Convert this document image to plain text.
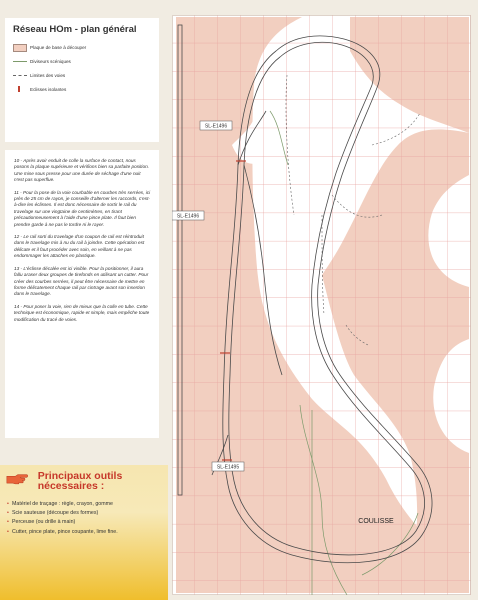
Réseau HOm - plan général
Plaque de base à découper
Diviseurs scéniques
Limites des voies
Eclisses isolantes

10 - Après avoir enduit de colle la surface de contact, nous posons la plaque supérieure et vérifions bien sa parfaite position. Une mise sous presse pour une durée de séchage d'une nuit n'est pas superflue.

11 - Pour la pose de la voie courbable en courbes très serrées, ici près de 25 cm de rayon, je conseille d'alterner les raccords, c'est-à-dire les éclisses. Il est donc nécessaire de sortir le rail du travelage sur une vingtaine de centimètres, en tirant précautionneusement à l'aide d'une pince plate. Il faut bien prendre garde à ne pas le tordre ni le rayer.

12 - Le rail sorti du travelage d'un coupon de rail est réintroduit dans le travelage mis à nu du rail à joindre. Cette opération est délicate et il faut procéder avec soin, en veillant à ne pas endommager les attaches en plastique.

13 - L'éclisse décalée est ici visible. Pour la positionner, il aura fallu araser deux groupes de tirefonds en utilisant un cutter. Pour créer des courbes serrées, il peut être nécessaire de mettre en forme délicatement chaque rail par cintrage avant son insertion dans le travelage.

14 - Pour poser la voie, rien de mieux que la colle en tube. Cette technique est économique, rapide et simple, mais empêche toute modification du tracé de voies.

Principaux outils nécessaires :
• Matériel de traçage : règle, crayon, gomme
• Scie sauteuse (découpe des formes)
• Perceuse (ou drille à main)
• Cutter, pince plate, pince coupante, lime fine.
SL-E1496
SL-E1496
SL-E1495
COULISSE
